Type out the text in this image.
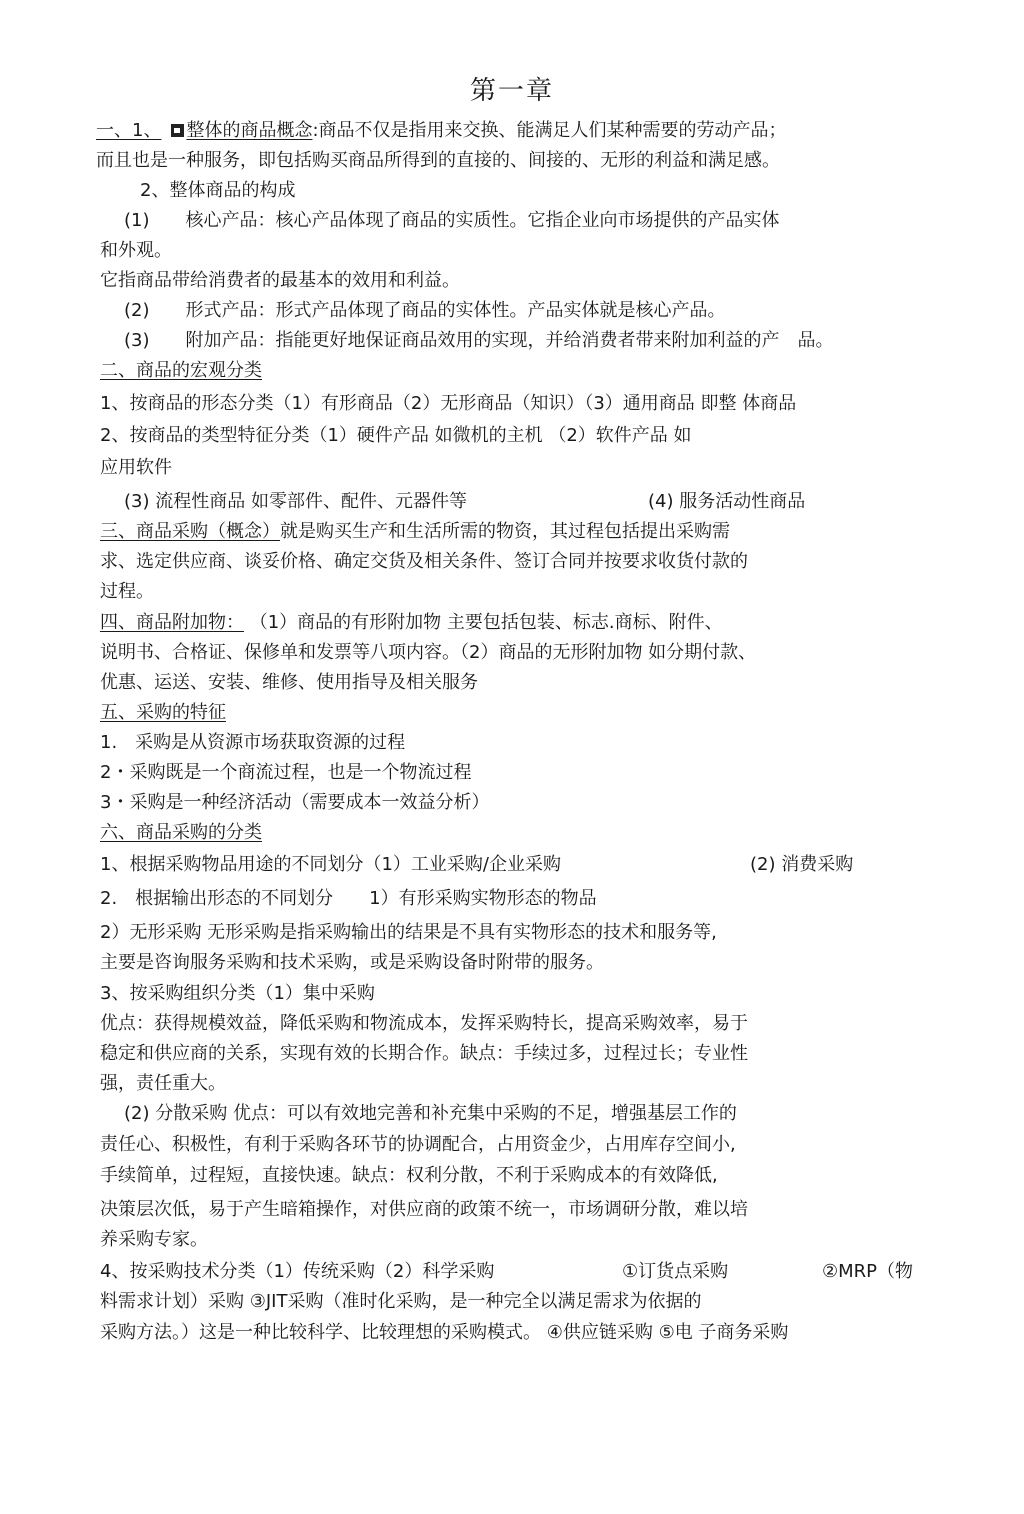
第一章
一、1、 整体的商品概念:商品不仅是指用来交换、能满足人们某种需要的劳动产品；
而且也是一种服务，即包括购买商品所得到的直接的、间接的、无形的利益和满足感。
2、整体商品的构成
(1)　　核心产品：核心产品体现了商品的实质性。它指企业向市场提供的产品实体
和外观。
它指商品带给消费者的最基本的效用和利益。
(2)　　形式产品：形式产品体现了商品的实体性。产品实体就是核心产品。
(3)　　附加产品：指能更好地保证商品效用的实现，并给消费者带来附加利益的产　品。
二、商品的宏观分类
1、按商品的形态分类（1）有形商品（2）无形商品（知识）（3）通用商品 即整 体商品
2、按商品的类型特征分类（1）硬件产品 如微机的主机 （2）软件产品 如
应用软件
(3) 流程性商品 如零部件、配件、元器件等	(4) 服务活动性商品
三、商品采购（概念）就是购买生产和生活所需的物资，其过程包括提出采购需
求、选定供应商、谈妥价格、确定交货及相关条件、签订合同并按要求收货付款的
过程。
四、商品附加物： （1）商品的有形附加物 主要包括包装、标志.商标、附件、
说明书、合格证、保修单和发票等八项内容。（2）商品的无形附加物 如分期付款、
优惠、运送、安装、维修、使用指导及相关服务
五、采购的特征
1.　采购是从资源市场获取资源的过程
2・采购既是一个商流过程，也是一个物流过程
3・采购是一种经济活动（需要成本一效益分析）
六、商品采购的分类
1、根据采购物品用途的不同划分（1）工业采购/企业采购	(2) 消费采购
2.　根据输出形态的不同划分　　1）有形采购实物形态的物品
2）无形采购 无形采购是指采购输出的结果是不具有实物形态的技术和服务等,
主要是咨询服务采购和技术采购，或是采购设备时附带的服务。
3、按采购组织分类（1）集中采购
优点：获得规模效益，降低采购和物流成本，发挥采购特长，提高采购效率，易于
稳定和供应商的关系，实现有效的长期合作。缺点：手续过多，过程过长；专业性
强，责任重大。
(2) 分散采购 优点：可以有效地完善和补充集中采购的不足，增强基层工作的
责任心、积极性，有利于采购各环节的协调配合，占用资金少，占用库存空间小,
手续简单，过程短，直接快速。缺点：权利分散，不利于采购成本的有效降低,
决策层次低，易于产生暗箱操作，对供应商的政策不统一，市场调研分散，难以培
养采购专家。
4、按采购技术分类（1）传统采购（2）科学采购	①订货点采购	②MRP（物
料需求计划）采购 ③JIT采购（准时化采购，是一种完全以满足需求为依据的
采购方法。）这是一种比较科学、比较理想的采购模式。 ④供应链采购 ⑤电 子商务采购
